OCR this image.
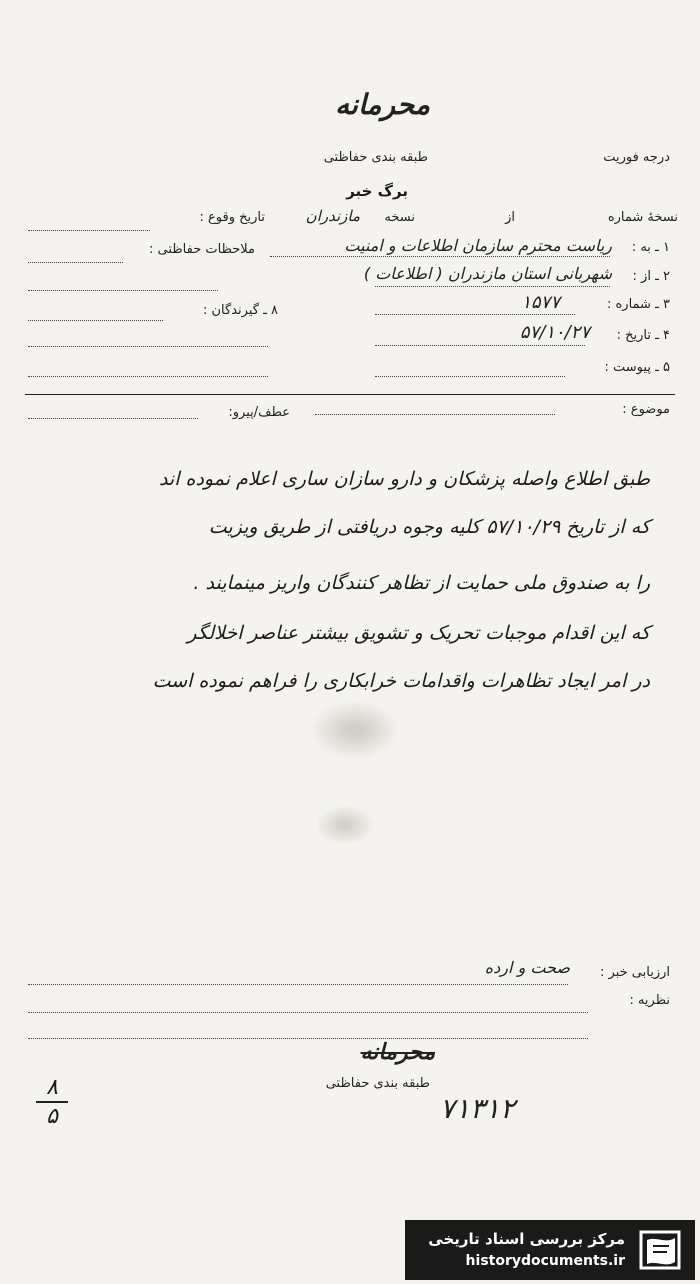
محرمانه
طبقه بندی حفاظتی	درجه فوریت
برگ خبر
نسخهٔ شماره
از
نسخه
مازندران
تاریخ وقوع :
۱ ـ به :
ریاست محترم سازمان اطلاعات و امنیت
ملاحظات حفاظتی :
۲ ـ از :
شهربانی استان مازندران ( اطلاعات )
۳ ـ شماره :
۱۵۷۷
۸ ـ گیرندگان :
۴ ـ تاریخ :
۵۷/۱۰/۲۷
۵ ـ پیوست :
موضوع :
عطف/پیرو:
طبق اطلاع واصله پزشکان و دارو سازان ساری اعلام نموده اند
که از تاریخ ۵۷/۱۰/۲۹ کلیه وجوه دریافتی از طریق ویزیت
را به صندوق ملی حمایت از تظاهر کنندگان واریز مینمایند .
که این اقدام موجبات تحریک و تشویق بیشتر عناصر اخلالگر
در امر ایجاد تظاهرات واقدامات خرابکاری را فراهم نموده است
ارزیابی خبر :
صحت و ارده
نظریه :
محرمانه
طبقه بندی حفاظتی
۷۱۳۱۲
۸
۵
مرکز بررسی اسناد تاریخی
historydocuments.ir
